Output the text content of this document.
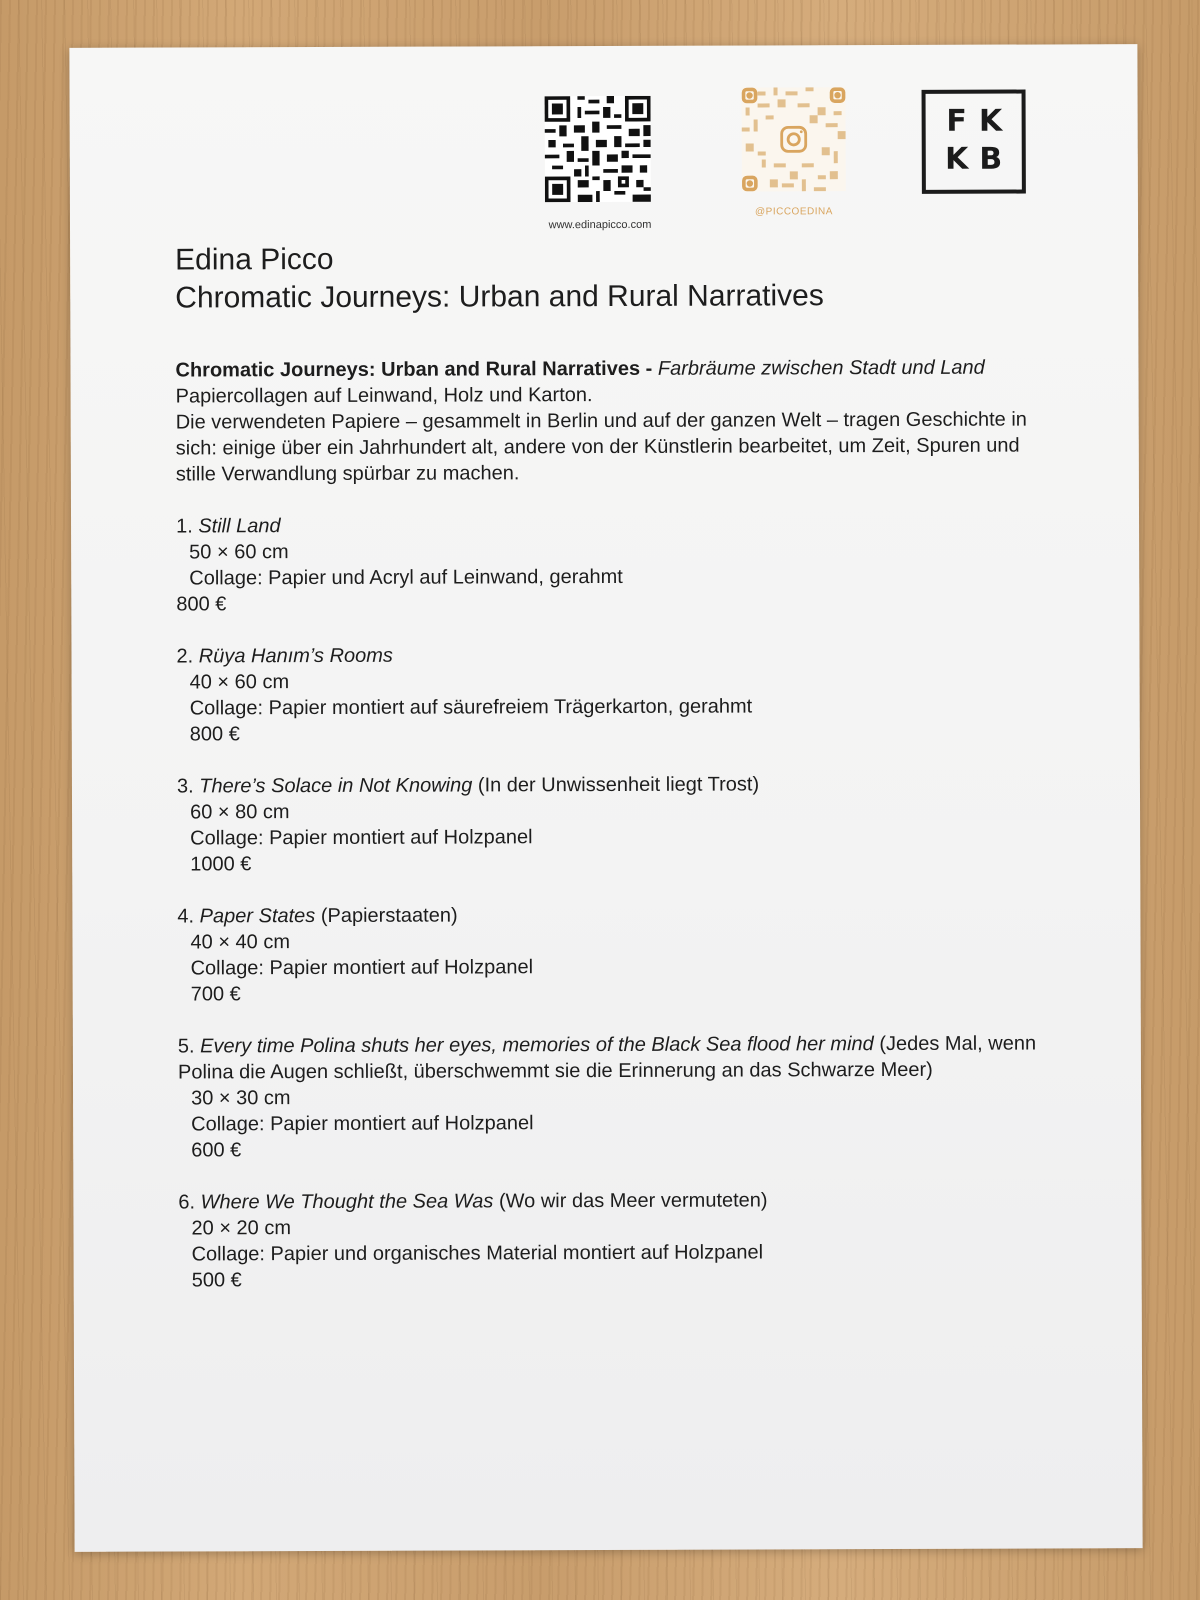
www.edinapicco.com
@PICCOEDINA
F K
K B
Edina Picco
Chromatic Journeys: Urban and Rural Narratives

Chromatic Journeys: Urban and Rural Narratives - Farbräume zwischen Stadt und Land

Papiercollagen auf Leinwand, Holz und Karton.

Die verwendeten Papiere – gesammelt in Berlin und auf der ganzen Welt – tragen Geschichte in sich: einige über ein Jahrhundert alt, andere von der Künstlerin bearbeitet, um Zeit, Spuren und stille Verwandlung spürbar zu machen.

1. Still Land

50 × 60 cm

Collage: Papier und Acryl auf Leinwand, gerahmt

800 €

2. Rüya Hanım’s Rooms

40 × 60 cm

Collage: Papier montiert auf säurefreiem Trägerkarton, gerahmt

800 €

3. There’s Solace in Not Knowing (In der Unwissenheit liegt Trost)

60 × 80 cm

Collage: Papier montiert auf Holzpanel

1000 €

4. Paper States (Papierstaaten)

40 × 40 cm

Collage: Papier montiert auf Holzpanel

700 €

5. Every time Polina shuts her eyes, memories of the Black Sea flood her mind (Jedes Mal, wenn Polina die Augen schließt, überschwemmt sie die Erinnerung an das Schwarze Meer)

30 × 30 cm

Collage: Papier montiert auf Holzpanel

600 €

6. Where We Thought the Sea Was (Wo wir das Meer vermuteten)

20 × 20 cm

Collage: Papier und organisches Material montiert auf Holzpanel

500 €
